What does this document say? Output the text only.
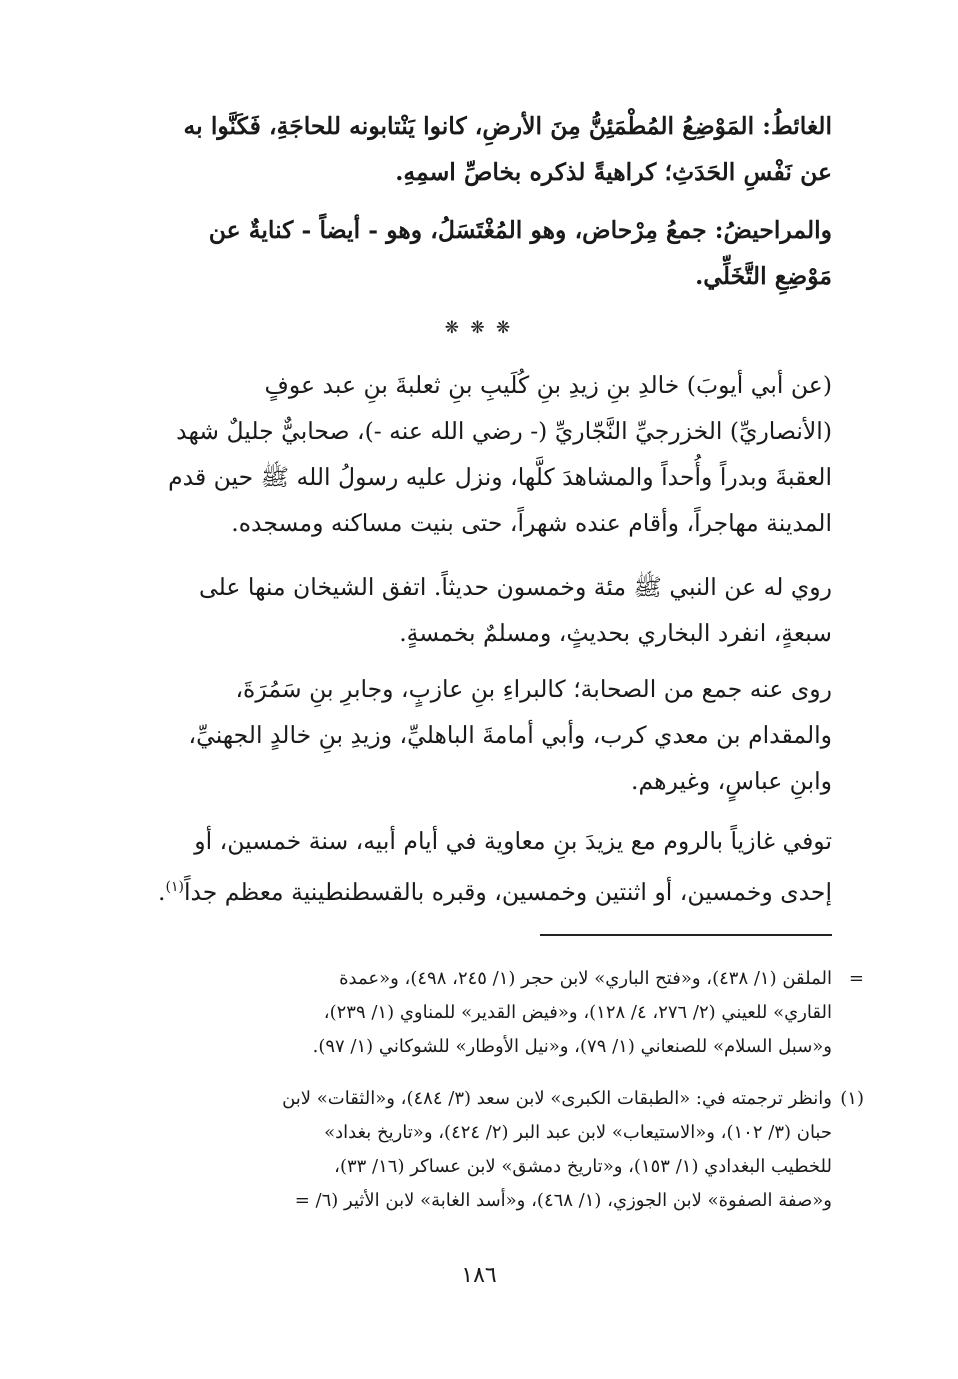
الغائطُ: المَوْضِعُ المُطْمَئِنُّ مِنَ الأرضِ، كانوا يَنْتابونه للحاجَةِ، فَكَنَّوا به
عن نَفْسِ الحَدَثِ؛ كراهيةً لذكره بخاصِّ اسمِهِ.
والمراحيضُ: جمعُ مِرْحاض، وهو المُغْتَسَلُ، وهو - أيضاً - كنايةٌ عن
مَوْضِعِ التَّخَلِّي.
❋ ❋ ❋
(عن أبي أيوبَ) خالدِ بنِ زيدِ بنِ كُلَيبِ بنِ ثعلبةَ بنِ عبد عوفٍ
(الأنصاريِّ) الخزرجيِّ النَّجّاريِّ (- رضي الله عنه -)، صحابيٌّ جليلٌ شهد
العقبةَ وبدراً وأُحداً والمشاهدَ كلَّها، ونزل عليه رسولُ الله ﷺ حين قدم
المدينة مهاجراً، وأقام عنده شهراً، حتى بنيت مساكنه ومسجده.
روي له عن النبي ﷺ مئة وخمسون حديثاً. اتفق الشيخان منها على
سبعةٍ، انفرد البخاري بحديثٍ، ومسلمٌ بخمسةٍ.
روى عنه جمع من الصحابة؛ كالبراءِ بنِ عازبٍ، وجابرِ بنِ سَمُرَةَ،
والمقدام بن معدي كرب، وأبي أمامةَ الباهليِّ، وزيدِ بنِ خالدٍ الجهنيِّ،
وابنِ عباسٍ، وغيرهم.
توفي غازياً بالروم مع يزيدَ بنِ معاوية في أيام أبيه، سنة خمسين، أو
إحدى وخمسين، أو اثنتين وخمسين، وقبره بالقسطنطينية معظم جداً$^{(١)}$.
=
الملقن (١/ ٤٣٨)، و«فتح الباري» لابن حجر (١/ ٢٤٥، ٤٩٨)، و«عمدة
القاري» للعيني (٢/ ٢٧٦، ٤/ ١٢٨)، و«فيض القدير» للمناوي (١/ ٢٣٩)،
و«سبل السلام» للصنعاني (١/ ٧٩)، و«نيل الأوطار» للشوكاني (١/ ٩٧).
(١)
وانظر ترجمته في: «الطبقات الكبرى» لابن سعد (٣/ ٤٨٤)، و«الثقات» لابن
حبان (٣/ ١٠٢)، و«الاستيعاب» لابن عبد البر (٢/ ٤٢٤)، و«تاريخ بغداد»
للخطيب البغدادي (١/ ١٥٣)، و«تاريخ دمشق» لابن عساكر (١٦/ ٣٣)،
و«صفة الصفوة» لابن الجوزي، (١/ ٤٦٨)، و«أسد الغابة» لابن الأثير (٦/ =
١٨٦
